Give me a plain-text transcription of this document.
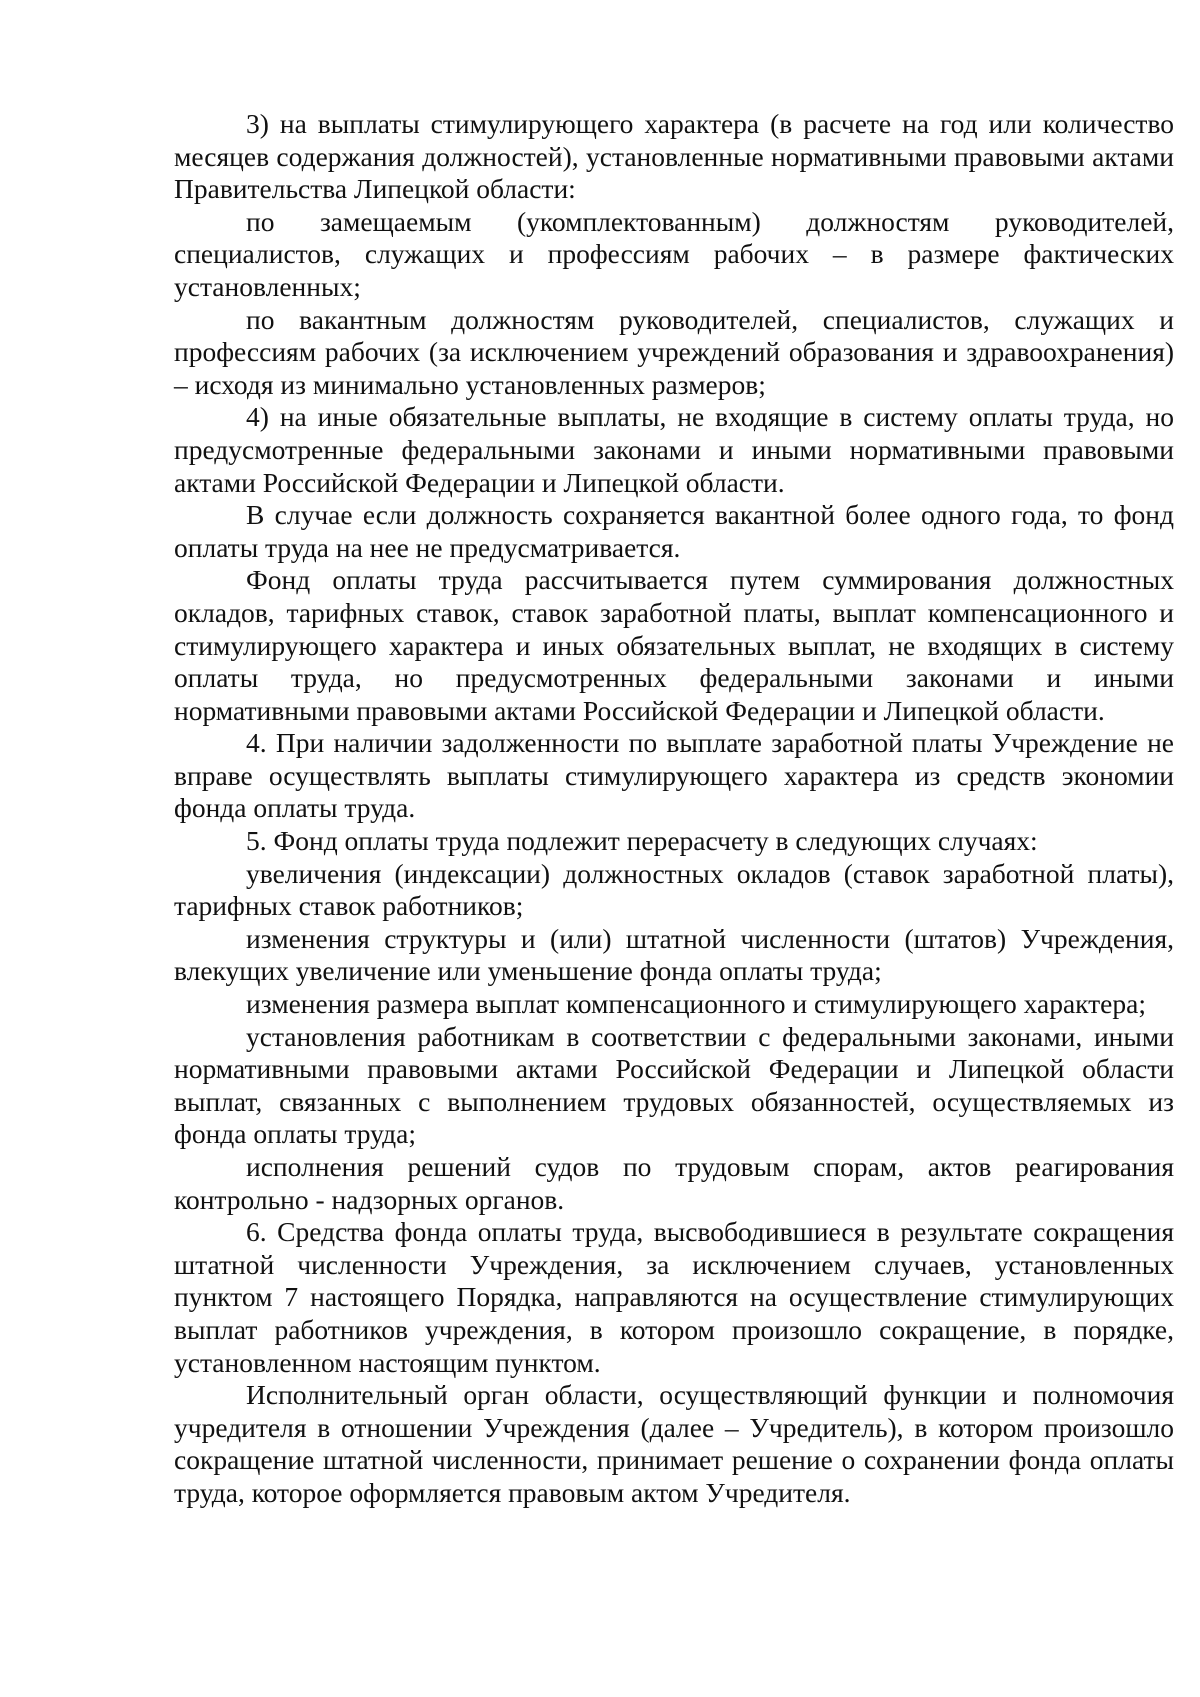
3) на выплаты стимулирующего характера (в расчете на год или количество месяцев содержания должностей), установленные нормативными правовыми актами Правительства Липецкой области:

по замещаемым (укомплектованным) должностям руководителей, специалистов, служащих и профессиям рабочих – в размере фактических установленных;

по вакантным должностям руководителей, специалистов, служащих и профессиям рабочих (за исключением учреждений образования и здравоохранения) – исходя из минимально установленных размеров;

4) на иные обязательные выплаты, не входящие в систему оплаты труда, но предусмотренные федеральными законами и иными нормативными правовыми актами Российской Федерации и Липецкой области.

В случае если должность сохраняется вакантной более одного года, то фонд оплаты труда на нее не предусматривается.

Фонд оплаты труда рассчитывается путем суммирования должностных окладов, тарифных ставок, ставок заработной платы, выплат компенсационного и стимулирующего характера и иных обязательных выплат, не входящих в систему оплаты труда, но предусмотренных федеральными законами и иными нормативными правовыми актами Российской Федерации и Липецкой области.

4. При наличии задолженности по выплате заработной платы Учреждение не вправе осуществлять выплаты стимулирующего характера из средств экономии фонда оплаты труда.

5. Фонд оплаты труда подлежит перерасчету в следующих случаях:

увеличения (индексации) должностных окладов (ставок заработной платы), тарифных ставок работников;

изменения структуры и (или) штатной численности (штатов) Учреждения, влекущих увеличение или уменьшение фонда оплаты труда;

изменения размера выплат компенсационного и стимулирующего характера;

установления работникам в соответствии с федеральными законами, иными нормативными правовыми актами Российской Федерации и Липецкой области выплат, связанных с выполнением трудовых обязанностей, осуществляемых из фонда оплаты труда;

исполнения решений судов по трудовым спорам, актов реагирования контрольно - надзорных органов.

6. Средства фонда оплаты труда, высвободившиеся в результате сокращения штатной численности Учреждения, за исключением случаев, установленных пунктом 7 настоящего Порядка, направляются на осуществление стимулирующих выплат работников учреждения, в котором произошло сокращение, в порядке, установленном настоящим пунктом.

Исполнительный орган области, осуществляющий функции и полномочия учредителя в отношении Учреждения (далее – Учредитель), в котором произошло сокращение штатной численности, принимает решение о сохранении фонда оплаты труда, которое оформляется правовым актом Учредителя.
